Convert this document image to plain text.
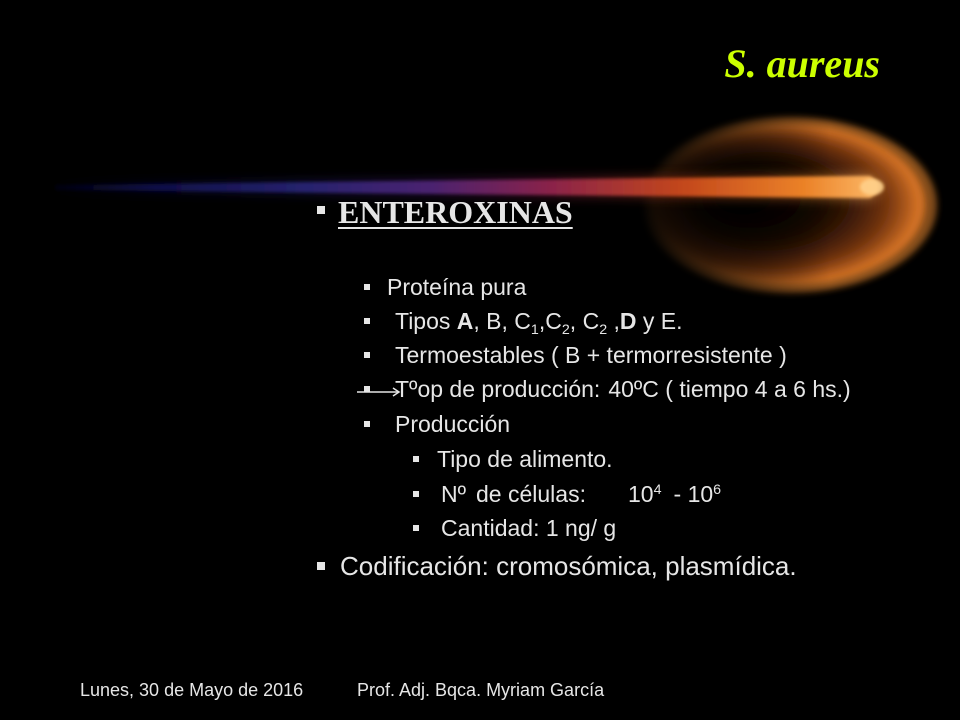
S. aureus
ENTEROXINAS
Proteína pura
Tipos A, B, $C_1,C_2$, $C_2$ ,D y E.
Termoestables ( B + termorresistente )
Tºop de producción: 40ºC ( tiempo 4 a 6 hs.)
Producción
Tipo de alimento.
Nº de células: $10^4 - 10^6$
Cantidad: 1 ng/ g
Codificación: cromosómica, plasmídica.
Lunes, 30 de Mayo de 2016	Prof. Adj. Bqca. Myriam García
